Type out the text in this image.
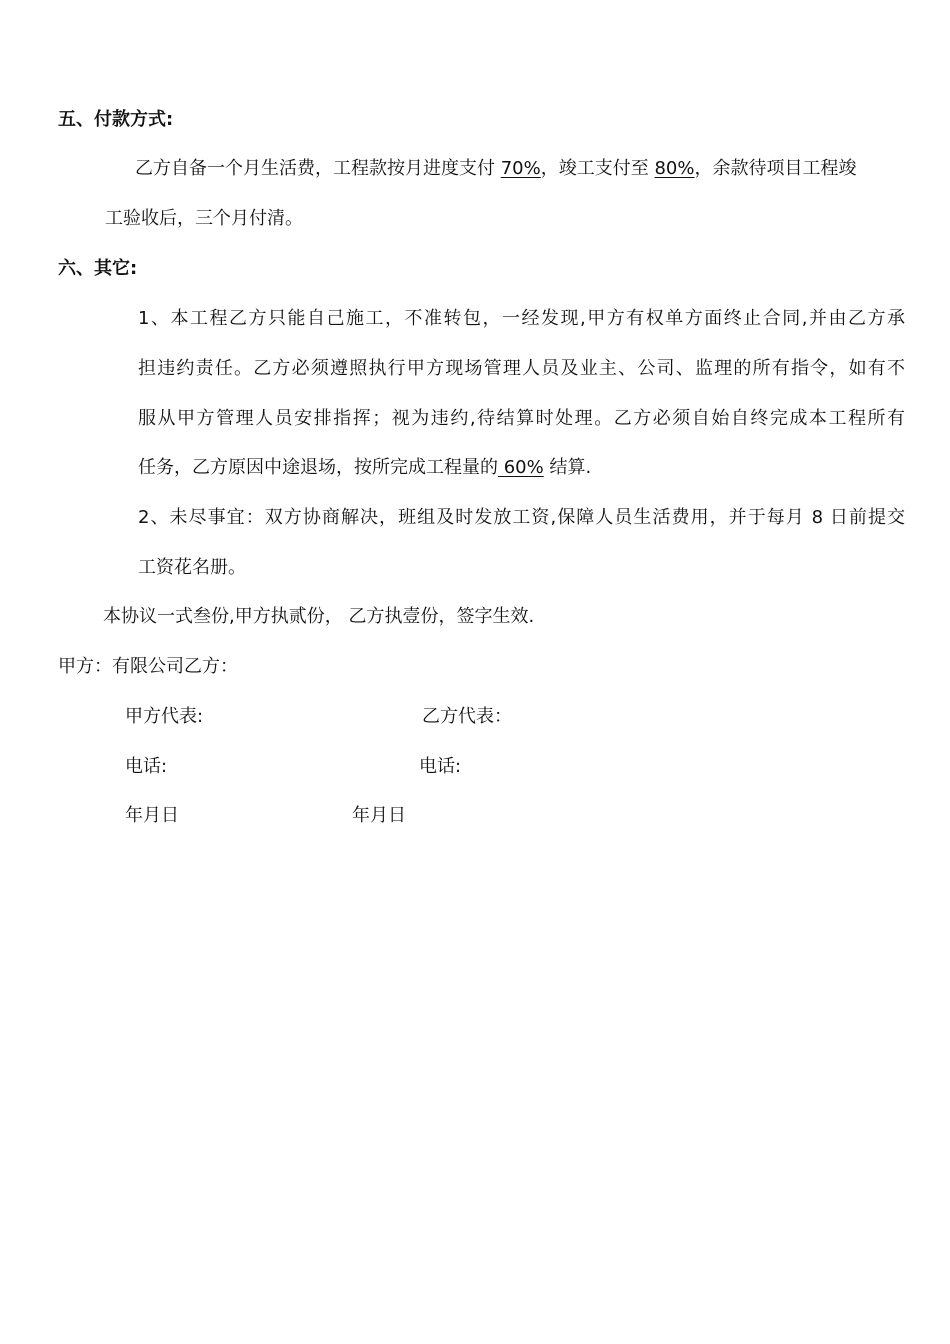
五、付款方式:
乙方自备一个月生活费，工程款按月进度支付 70%，竣工支付至 80%，余款待项目工程竣
工验收后，三个月付清。
六、其它:
1、本工程乙方只能自己施工，不准转包，一经发现,甲方有权单方面终止合同,并由乙方承
担违约责任。乙方必须遵照执行甲方现场管理人员及业主、公司、监理的所有指令，如有不
服从甲方管理人员安排指挥；视为违约,待结算时处理。乙方必须自始自终完成本工程所有
任务，乙方原因中途退场，按所完成工程量的 60% 结算.
2、未尽事宜：双方协商解决，班组及时发放工资,保障人员生活费用，并于每月 8 日前提交
工资花名册。
本协议一式叁份,甲方执贰份， 乙方执壹份，签字生效.
甲方：有限公司乙方：
甲方代表:	乙方代表：
电话:	电话:
年月日	年月日
